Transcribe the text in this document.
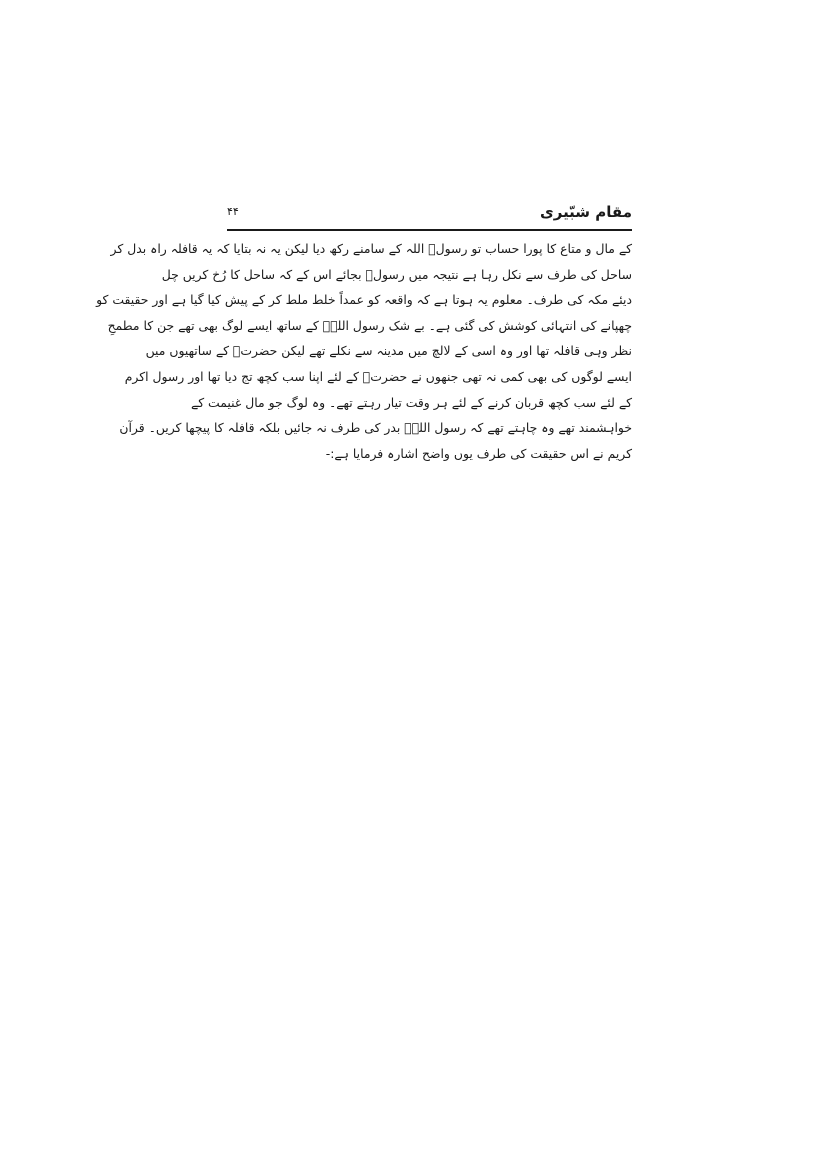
مقام شبّیری
۴۴
کے مال و متاع کا پورا حساب تو رسولؐ اللہ کے سامنے رکھ دیا لیکن یہ نہ بتایا کہ یہ قافلہ راہ بدل کر
ساحل کی طرف سے نکل رہا ہے نتیجہ میں رسولؐ بجائے اس کے کہ ساحل کا رُخ کریں چل
دیئے مکہ کی طرف۔ معلوم یہ ہوتا ہے کہ واقعہ کو عمداً خلط ملط کر کے پیش کیا گیا ہے اور حقیقت کو
چھپانے کی انتہائی کوشش کی گئی ہے۔ بے شک رسول اللہؐ کے ساتھ ایسے لوگ بھی تھے جن کا مطمحِ
نظر وہی قافلہ تھا اور وہ اسی کے لالچ میں مدینہ سے نکلے تھے لیکن حضرتؐ کے ساتھیوں میں
ایسے لوگوں کی بھی کمی نہ تھی جنھوں نے حضرتؐ کے لئے اپنا سب کچھ تج دیا تھا اور رسول اکرم
کے لئے سب کچھ قربان کرنے کے لئے ہر وقت تیار رہتے تھے۔ وہ لوگ جو مال غنیمت کے
خواہشمند تھے وہ چاہتے تھے کہ رسول اللہؐ بدر کی طرف نہ جائیں بلکہ قافلہ کا پیچھا کریں۔ قرآن
کریم نے اس حقیقت کی طرف یوں واضح اشارہ فرمایا ہے:-
